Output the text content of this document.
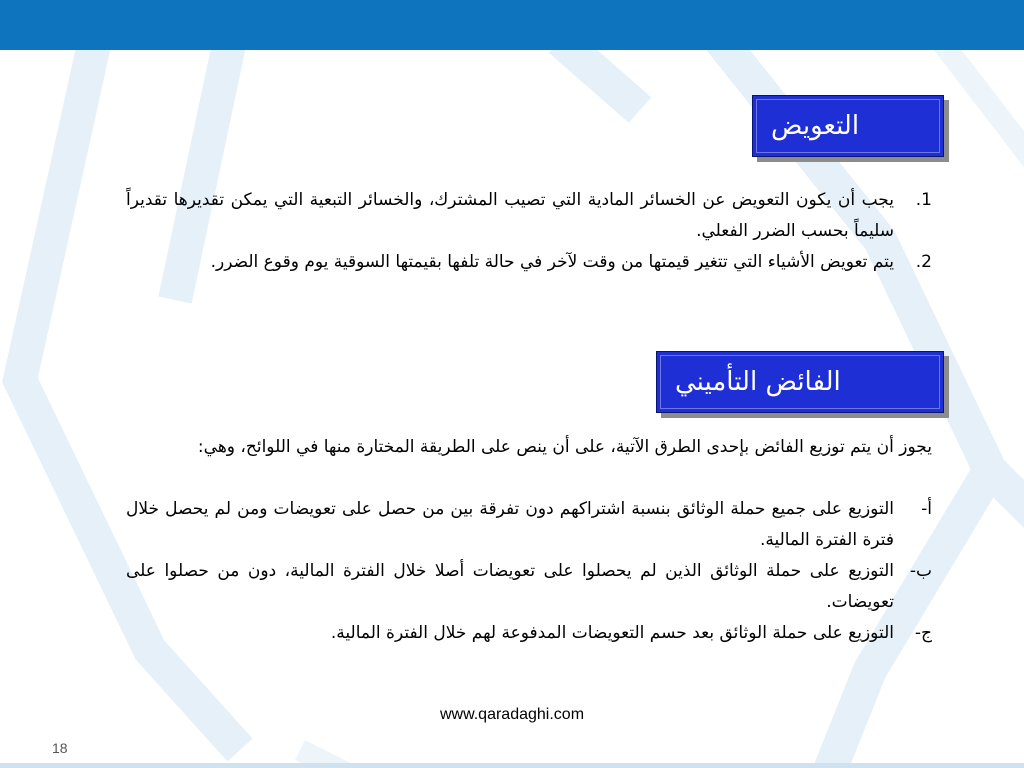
التعويض
1.
يجب أن يكون التعويض عن الخسائر المادية التي تصيب المشترك، والخسائر التبعية التي يمكن تقديرها تقديراً سليماً بحسب الضرر الفعلي.
2.
يتم تعويض الأشياء التي تتغير قيمتها من وقت لآخر في حالة تلفها بقيمتها السوقية يوم وقوع الضرر.
الفائض التأميني
يجوز أن يتم توزيع الفائض بإحدى الطرق الآتية، على أن ينص على الطريقة المختارة منها في اللوائح، وهي:
أ-
التوزيع على جميع حملة الوثائق بنسبة اشتراكهم دون تفرقة بين من حصل على تعويضات ومن لم يحصل خلال فترة الفترة المالية.
ب-
التوزيع على حملة الوثائق الذين لم يحصلوا على تعويضات أصلا خلال الفترة المالية، دون من حصلوا على تعويضات.
ج-
التوزيع على حملة الوثائق بعد حسم التعويضات المدفوعة لهم خلال الفترة المالية.
www.qaradaghi.com
18
